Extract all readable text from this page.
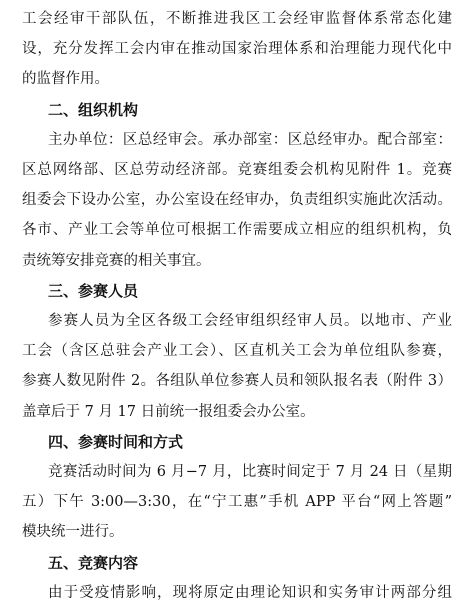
工会经审干部队伍，不断推进我区工会经审监督体系常态化建
设，充分发挥工会内审在推动国家治理体系和治理能力现代化中
的监督作用。
二、组织机构
主办单位：区总经审会。承办部室：区总经审办。配合部室：
区总网络部、区总劳动经济部。竞赛组委会机构见附件 1。竞赛
组委会下设办公室，办公室设在经审办，负责组织实施此次活动。
各市、产业工会等单位可根据工作需要成立相应的组织机构，负
责统筹安排竞赛的相关事宜。
三、参赛人员
参赛人员为全区各级工会经审组织经审人员。以地市、产业
工会（含区总驻会产业工会）、区直机关工会为单位组队参赛，
参赛人数见附件 2。各组队单位参赛人员和领队报名表（附件 3）
盖章后于 7 月 17 日前统一报组委会办公室。
四、参赛时间和方式
竞赛活动时间为 6 月−7 月，比赛时间定于 7 月 24 日（星期
五）下午 3:00—3:30，在“宁工惠”手机 APP 平台“网上答题”
模块统一进行。
五、竞赛内容
由于受疫情影响，现将原定由理论知识和实务审计两部分组
